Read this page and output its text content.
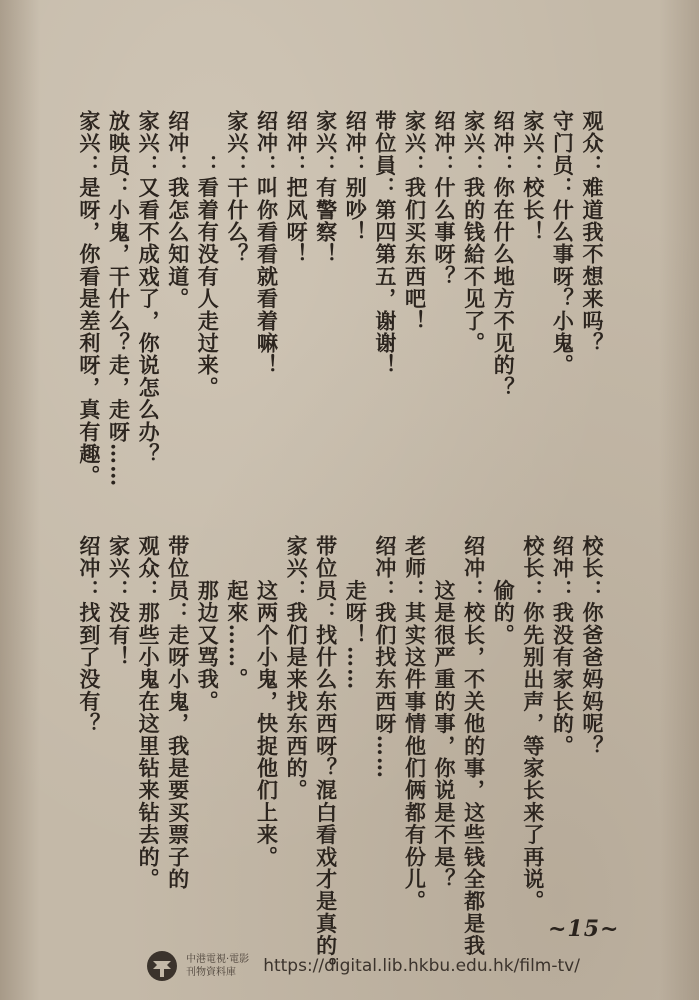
观众：难道我不想来吗？
守门员：什么事呀？小鬼。
家兴：校长！
绍冲：你在什么地方不见的？
家兴：我的钱給不见了。
绍冲：什么事呀？
家兴：我们买东西吧！
带位員：第四第五，谢谢！
绍冲：别吵！
家兴：有警察！
绍冲：把风呀！
绍冲：叫你看看就看着嘛！
家兴：干什么？
　　：看着有没有人走过来。
绍冲：我怎么知道。
家兴：又看不成戏了，你说怎么办？
放映员：小鬼，干什么？走，走呀……
家兴：是呀，你看是差利呀，真有趣。
校长：你爸爸妈妈呢？
绍冲：我没有家长的。
校长：你先别出声，等家长来了再说。
　　偷的。
绍冲：校长，不关他的事，这些钱全都是我
　　这是很严重的事，你说是不是？
老师：其实这件事情他们俩都有份儿。
绍冲：我们找东西呀……
　　走呀！……
带位员：找什么东西呀？混白看戏才是真的。
家兴：我们是来找东西的。
　　这两个小鬼，快捉他们上来。
　　起來……。
　　那边又骂我。
带位员：走呀小鬼，我是要买票子的
观众：那些小鬼在这里钻来钻去的。
家兴：没有！
绍冲：找到了没有？
~15~
中港電視·電影
刊物資料庫	https://digital.lib.hkbu.edu.hk/film-tv/
